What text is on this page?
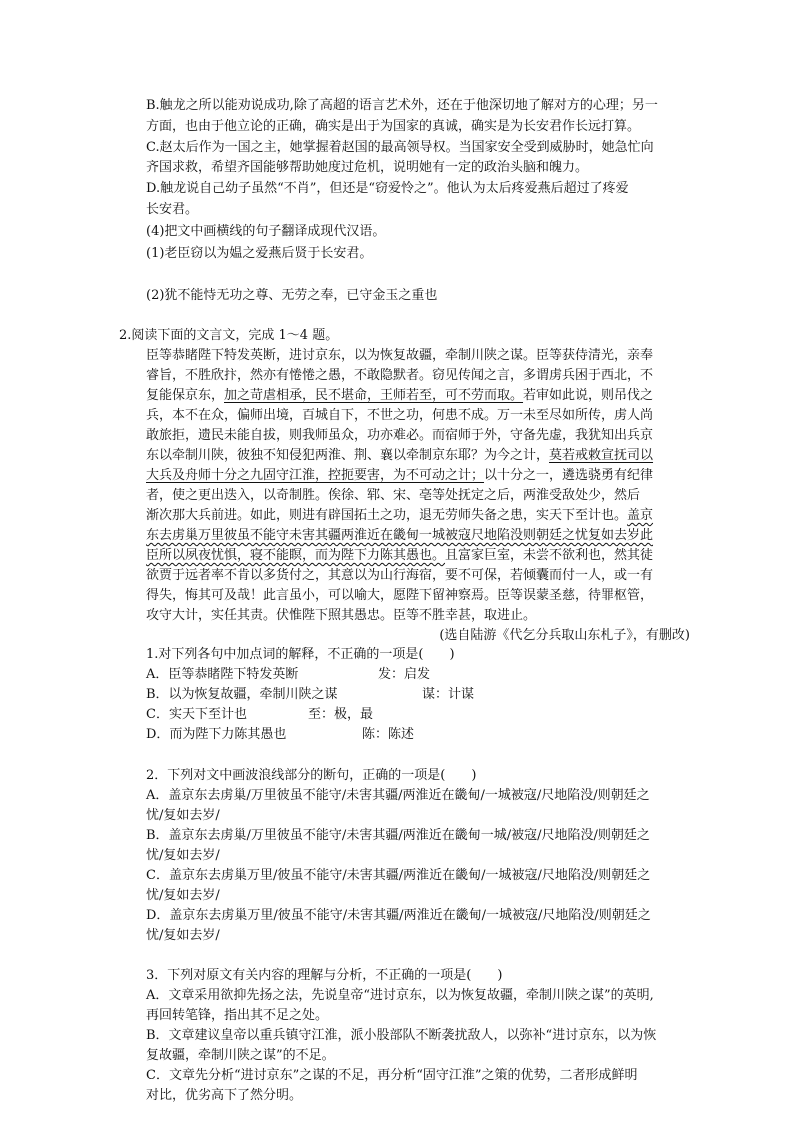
B.触龙之所以能劝说成功,除了高超的语言艺术外，还在于他深切地了解对方的心理；另一
方面，也由于他立论的正确，确实是出于为国家的真诚，确实是为长安君作长远打算。
C.赵太后作为一国之主，她掌握着赵国的最高领导权。当国家安全受到威胁时，她急忙向
齐国求救，希望齐国能够帮助她度过危机，说明她有一定的政治头脑和魄力。
D.触龙说自己幼子虽然“不肖”，但还是“窃爱怜之”。他认为太后疼爱燕后超过了疼爱
长安君。
(4)把文中画横线的句子翻译成现代汉语。
(1)老臣窃以为媪之爱燕后贤于长安君。
(2)犹不能恃无功之尊、无劳之奉，已守金玉之重也
2.阅读下面的文言文，完成 1～4 题。
臣等恭睹陛下特发英断，进讨京东，以为恢复故疆，牵制川陕之谋。臣等获侍清光，亲奉
睿旨，不胜欣抃，然亦有惓惓之愚，不敢隐默者。窃见传闻之言，多谓虏兵困于西北，不
复能保京东，加之苛虐相承，民不堪命，王师若至，可不劳而取。若审如此说，则吊伐之
兵，本不在众，偏师出境，百城自下，不世之功，何患不成。万一未至尽如所传，虏人尚
敢旅拒，遗民未能自拔，则我师虽众，功亦难必。而宿师于外，守备先虚，我犹知出兵京
东以牵制川陕，彼独不知侵犯两淮、荆、襄以牵制京东耶？为今之计，莫若戒敕宣抚司以
大兵及舟师十分之九固守江淮，控扼要害，为不可动之计；以十分之一，遴选骁勇有纪律
者，使之更出迭入，以奇制胜。俟徐、郓、宋、亳等处抚定之后，两淮受敌处少，然后
渐次那大兵前进。如此，则进有辟国拓土之功，退无劳师失备之患，实天下至计也。盖京
东去虏巢万里彼虽不能守未害其疆两淮近在畿甸一城被寇尺地陷没则朝廷之忧复如去岁此
臣所以夙夜忧惧，寝不能瞑，而为陛下力陈其愚也。且富家巨室，未尝不欲利也，然其徒
欲贾于远者率不肯以多货付之，其意以为山行海宿，要不可保，若倾囊而付一人，或一有
得失，悔其可及哉！此言虽小，可以喻大，愿陛下留神察焉。臣等误蒙圣慈，待罪枢管，
攻守大计，实任其责。伏惟陛下照其愚忠。臣等不胜幸甚，取进止。
(选自陆游《代乞分兵取山东札子》，有删改)
1.对下列各句中加点词的解释，不正确的一项是(　　)
A．臣等恭睹陛下特发英断	发：启发
B．以为恢复故疆，牵制川陕之谋	谋：计谋
C．实天下至计也	至：极，最
D．而为陛下力陈其愚也	陈：陈述
2．下列对文中画波浪线部分的断句，正确的一项是(　　)
A．盖京东去虏巢/万里彼虽不能守/未害其疆/两淮近在畿甸/一城被寇/尺地陷没/则朝廷之
忧/复如去岁/
B．盖京东去虏巢/万里彼虽不能守/未害其疆/两淮近在畿甸一城/被寇/尺地陷没/则朝廷之
忧/复如去岁/
C．盖京东去虏巢万里/彼虽不能守/未害其疆/两淮近在畿甸/一城被寇/尺地陷没/则朝廷之
忧/复如去岁/
D．盖京东去虏巢万里/彼虽不能守/未害其疆/两淮近在畿甸/一城被寇/尺地陷没/则朝廷之
忧/复如去岁/
3．下列对原文有关内容的理解与分析，不正确的一项是(　　)
A．文章采用欲抑先扬之法，先说皇帝“进讨京东，以为恢复故疆，牵制川陕之谋”的英明,
再回转笔锋，指出其不足之处。
B．文章建议皇帝以重兵镇守江淮，派小股部队不断袭扰敌人，以弥补“进讨京东，以为恢
复故疆，牵制川陕之谋”的不足。
C．文章先分析“进讨京东”之谋的不足，再分析“固守江淮”之策的优势，二者形成鲜明
对比，优劣高下了然分明。
